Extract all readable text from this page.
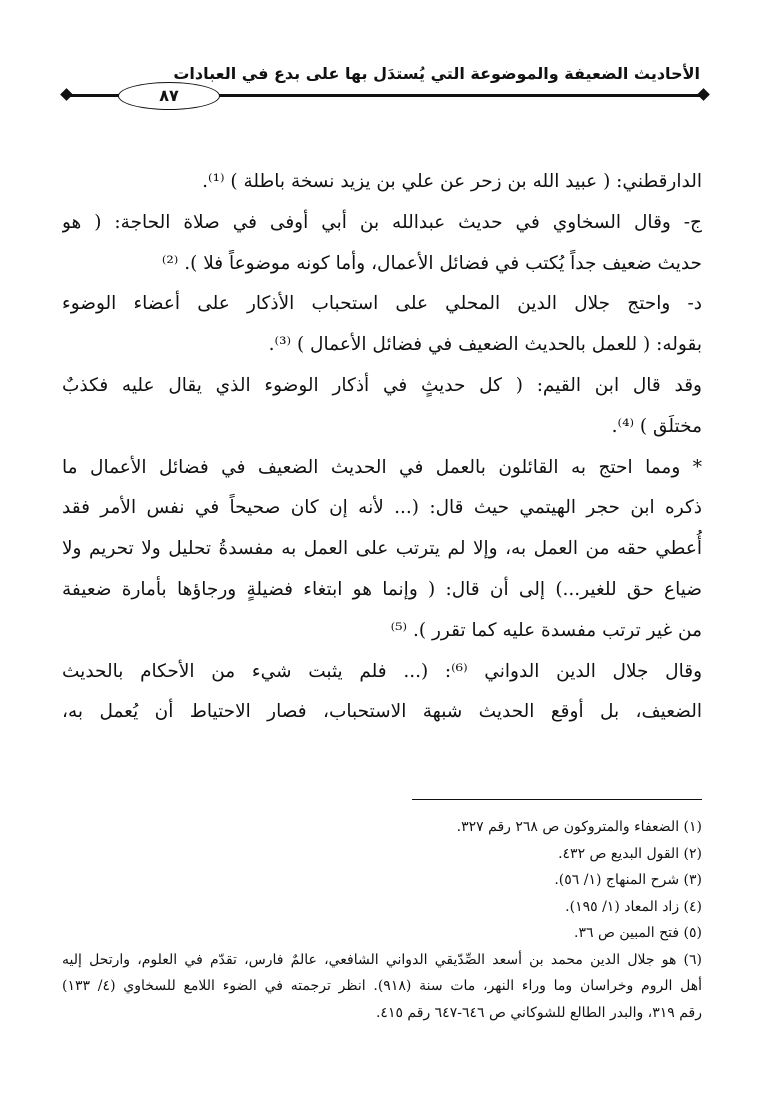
الأحاديث الضعيفة والموضوعة التي يُستدَل بها على بدع في العبادات
٨٧
الدارقطني: ( عبيد الله بن زحر عن علي بن يزيد نسخة باطلة ) ⁽¹⁾.
ج- وقال السخاوي في حديث عبدالله بن أبي أوفى في صلاة الحاجة: ( هو
حديث ضعيف جداً يُكتب في فضائل الأعمال، وأما كونه موضوعاً فلا ). ⁽²⁾
د- واحتج جلال الدين المحلي على استحباب الأذكار على أعضاء الوضوء
بقوله: ( للعمل بالحديث الضعيف في فضائل الأعمال ) ⁽³⁾.
وقد قال ابن القيم: ( كل حديثٍ في أذكار الوضوء الذي يقال عليه فكذبٌ
مختلَق ) ⁽⁴⁾.
* ومما احتج به القائلون بالعمل في الحديث الضعيف في فضائل الأعمال ما
ذكره ابن حجر الهيتمي حيث قال: (... لأنه إن كان صحيحاً في نفس الأمر فقد
أُعطي حقه من العمل به، وإلا لم يترتب على العمل به مفسدةُ تحليل ولا تحريم ولا
ضياع حق للغير...) إلى أن قال: ( وإنما هو ابتغاء فضيلةٍ ورجاؤها بأمارة ضعيفة
من غير ترتب مفسدة عليه كما تقرر ). ⁽⁵⁾
وقال جلال الدين الدواني ⁽⁶⁾: (... فلم يثبت شيء من الأحكام بالحديث
الضعيف، بل أوقع الحديث شبهة الاستحباب، فصار الاحتياط أن يُعمل به،
(١) الضعفاء والمتروكون ص ٢٦٨ رقم ٣٢٧.
(٢) القول البديع ص ٤٣٢.
(٣) شرح المنهاج (١/ ٥٦).
(٤) زاد المعاد (١/ ١٩٥).
(٥) فتح المبين ص ٣٦.
(٦) هو جلال الدين محمد بن أسعد الصِّدّيقي الدواني الشافعي، عالمٌ فارس، تقدّم في العلوم، وارتحل إليه
أهل الروم وخراسان وما وراء النهر، مات سنة (٩١٨). انظر ترجمته في الضوء اللامع للسخاوي (٤/ ١٣٣)
رقم ٣١٩، والبدر الطالع للشوكاني ص ٦٤٦-٦٤٧ رقم ٤١٥.
